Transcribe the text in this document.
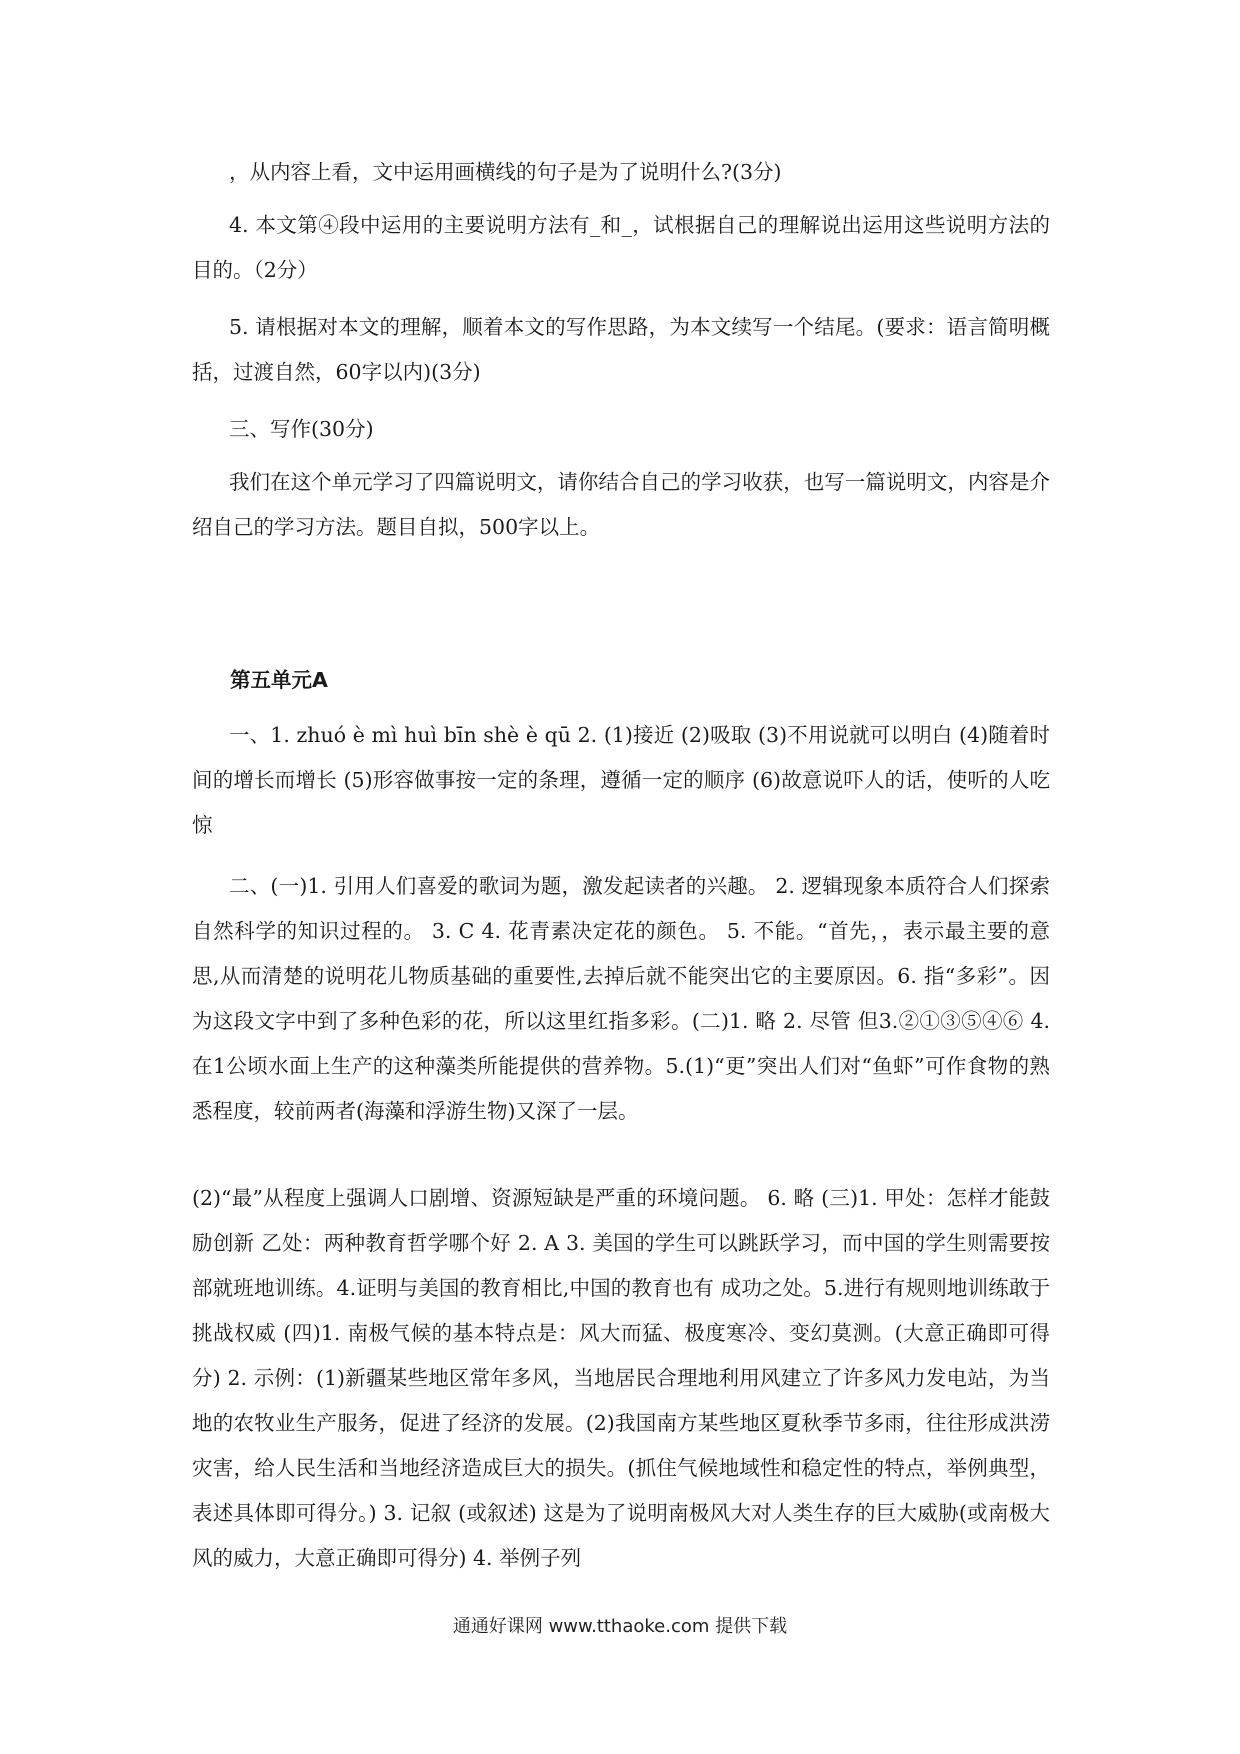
，从内容上看，文中运用画横线的句子是为了说明什么?(3分)

4. 本文第④段中运用的主要说明方法有_和_，试根据自己的理解说出运用这些说明方法的目的。（2分）

5. 请根据对本文的理解，顺着本文的写作思路，为本文续写一个结尾。(要求：语言简明概括，过渡自然，60字以内)(3分)

三、写作(30分)

我们在这个单元学习了四篇说明文，请你结合自己的学习收获，也写一篇说明文，内容是介绍自己的学习方法。题目自拟，500字以上。

第五单元A

一、1. zhuó è mì huì bīn shè è qū 2. (1)接近 (2)吸取 (3)不用说就可以明白 (4)随着时间的增长而增长 (5)形容做事按一定的条理，遵循一定的顺序 (6)故意说吓人的话，使听的人吃惊

二、(一)1. 引用人们喜爱的歌词为题，激发起读者的兴趣。 2. 逻辑现象本质符合人们探索自然科学的知识过程的。 3. C 4. 花青素决定花的颜色。 5. 不能。“首先，，表示最主要的意思,从而清楚的说明花儿物质基础的重要性,去掉后就不能突出它的主要原因。6. 指“多彩”。因为这段文字中到了多种色彩的花，所以这里红指多彩。(二)1. 略 2. 尽管 但3.②①③⑤④⑥ 4.在1公顷水面上生产的这种藻类所能提供的营养物。5.(1)“更”突出人们对“鱼虾”可作食物的熟悉程度，较前两者(海藻和浮游生物)又深了一层。

(2)“最”从程度上强调人口剧增、资源短缺是严重的环境问题。 6. 略 (三)1. 甲处：怎样才能鼓励创新 乙处：两种教育哲学哪个好 2. A 3. 美国的学生可以跳跃学习，而中国的学生则需要按部就班地训练。4.证明与美国的教育相比,中国的教育也有 成功之处。5.进行有规则地训练敢于挑战权威 (四)1. 南极气候的基本特点是：风大而猛、极度寒冷、变幻莫测。(大意正确即可得分) 2. 示例：(1)新疆某些地区常年多风，当地居民合理地利用风建立了许多风力发电站，为当地的农牧业生产服务，促进了经济的发展。(2)我国南方某些地区夏秋季节多雨，往往形成洪涝灾害，给人民生活和当地经济造成巨大的损失。(抓住气候地域性和稳定性的特点，举例典型，表述具体即可得分。) 3. 记叙 (或叙述) 这是为了说明南极风大对人类生存的巨大威胁(或南极大风的威力，大意正确即可得分) 4. 举例子列

通通好课网 www.tthaoke.com 提供下载
